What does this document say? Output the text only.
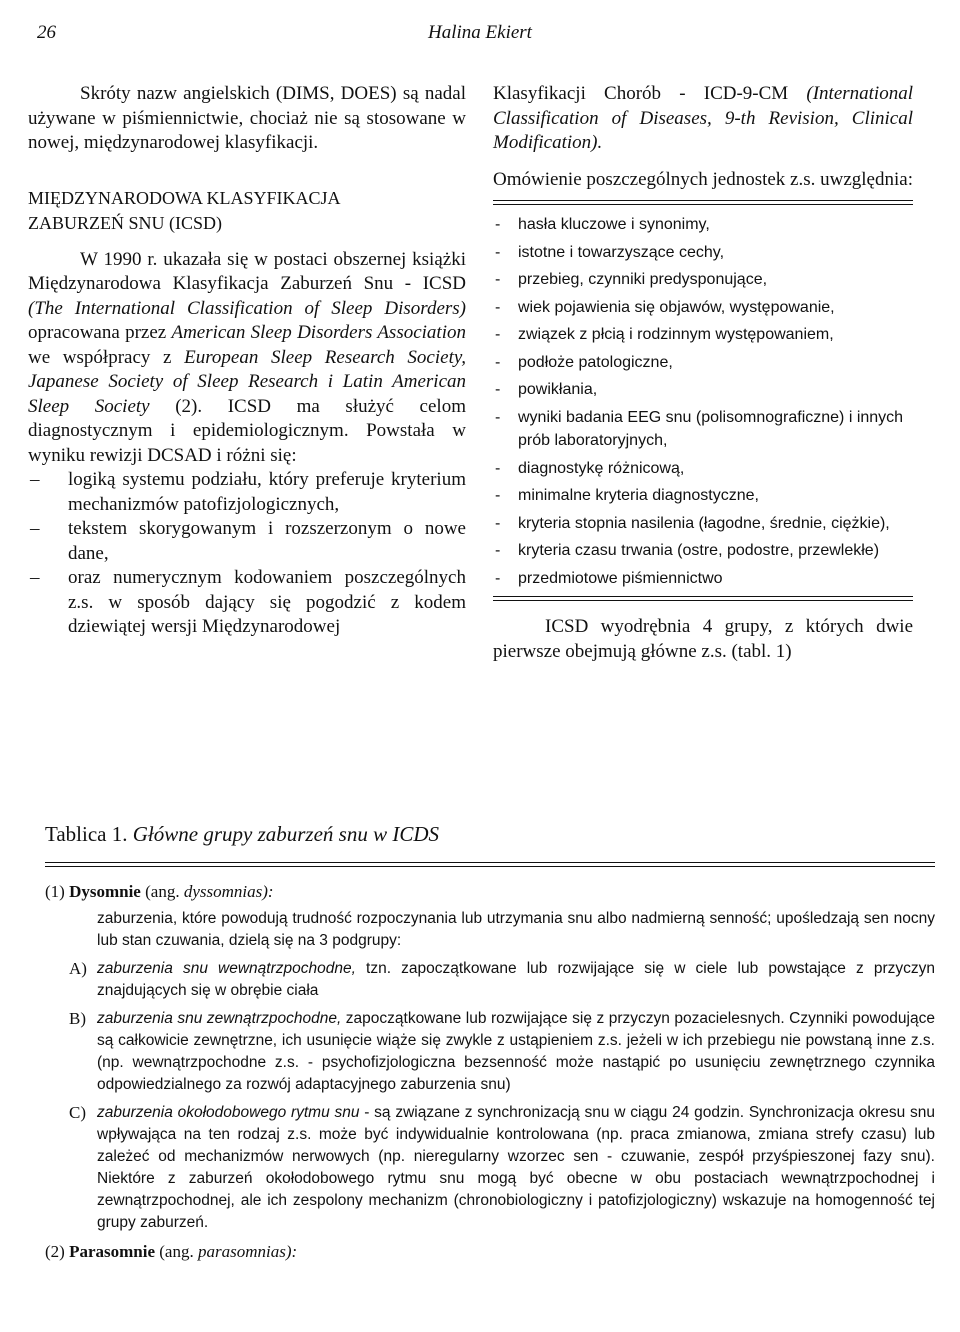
26	Halina Ekiert

Skróty nazw angielskich (DIMS, DOES) są nadal używane w piśmiennictwie, chociaż nie są stosowane w nowej, międzynarodowej klasyfikacji.

MIĘDZYNARODOWA KLASYFIKACJA
ZABURZEŃ SNU (ICSD)

W 1990 r. ukazała się w postaci obszernej książki Międzynarodowa Klasyfikacja Zaburzeń Snu - ICSD (The International Classification of Sleep Disorders) opracowana przez American Sleep Disorders Association we współpracy z European Sleep Research Society, Japanese Society of Sleep Research i Latin American Sleep Society (2). ICSD ma służyć celom diagnostycznym i epidemiologicznym. Powstała w wyniku rewizji DCSAD i różni się:

– logiką systemu podziału, który preferuje kryterium mechanizmów patofizjologicznych,
– tekstem skorygowanym i rozszerzonym o nowe dane,
– oraz numerycznym kodowaniem poszczególnych z.s. w sposób dający się pogodzić z kodem dziewiątej wersji Międzynarodowej

Klasyfikacji Chorób - ICD-9-CM (International Classification of Diseases, 9-th Revision, Clinical Modification).

Omówienie poszczególnych jednostek z.s. uwzględnia:

- hasła kluczowe i synonimy,
- istotne i towarzyszące cechy,
- przebieg, czynniki predysponujące,
- wiek pojawienia się objawów, występowanie,
- związek z płcią i rodzinnym występowaniem,
- podłoże patologiczne,
- powikłania,
- wyniki badania EEG snu (polisomnograficzne) i innych prób laboratoryjnych,
- diagnostykę różnicową,
- minimalne kryteria diagnostyczne,
- kryteria stopnia nasilenia (łagodne, średnie, ciężkie),
- kryteria czasu trwania (ostre, podostre, przewlekłe)
- przedmiotowe piśmiennictwo

ICSD wyodrębnia 4 grupy, z których dwie pierwsze obejmują główne z.s. (tabl. 1)

Tablica 1. Główne grupy zaburzeń snu w ICDS

(1) Dysomnie (ang. dyssomnias):

zaburzenia, które powodują trudność rozpoczynania lub utrzymania snu albo nadmierną senność; upośledzają sen nocny lub stan czuwania, dzielą się na 3 podgrupy:

A) zaburzenia snu wewnątrzpochodne, tzn. zapoczątkowane lub rozwijające się w ciele lub powstające z przyczyn znajdujących się w obrębie ciała
B) zaburzenia snu zewnątrzpochodne, zapoczątkowane lub rozwijające się z przyczyn pozacielesnych. Czynniki powodujące są całkowicie zewnętrzne, ich usunięcie wiąże się zwykle z ustąpieniem z.s. jeżeli w ich przebiegu nie powstaną inne z.s. (np. wewnątrzpochodne z.s. - psychofizjologiczna bezsenność może nastąpić po usunięciu zewnętrznego czynnika odpowiedzialnego za rozwój adaptacyjnego zaburzenia snu)
C) zaburzenia okołodobowego rytmu snu - są związane z synchronizacją snu w ciągu 24 godzin. Synchronizacja okresu snu wpływająca na ten rodzaj z.s. może być indywidualnie kontrolowana (np. praca zmianowa, zmiana strefy czasu) lub zależeć od mechanizmów nerwowych (np. nieregularny wzorzec sen - czuwanie, zespół przyśpieszonej fazy snu). Niektóre z zaburzeń okołodobowego rytmu snu mogą być obecne w obu postaciach wewnątrzpochodnej i zewnątrzpochodnej, ale ich zespolony mechanizm (chronobiologiczny i patofizjologiczny) wskazuje na homogenność tej grupy zaburzeń.

(2) Parasomnie (ang. parasomnias):
